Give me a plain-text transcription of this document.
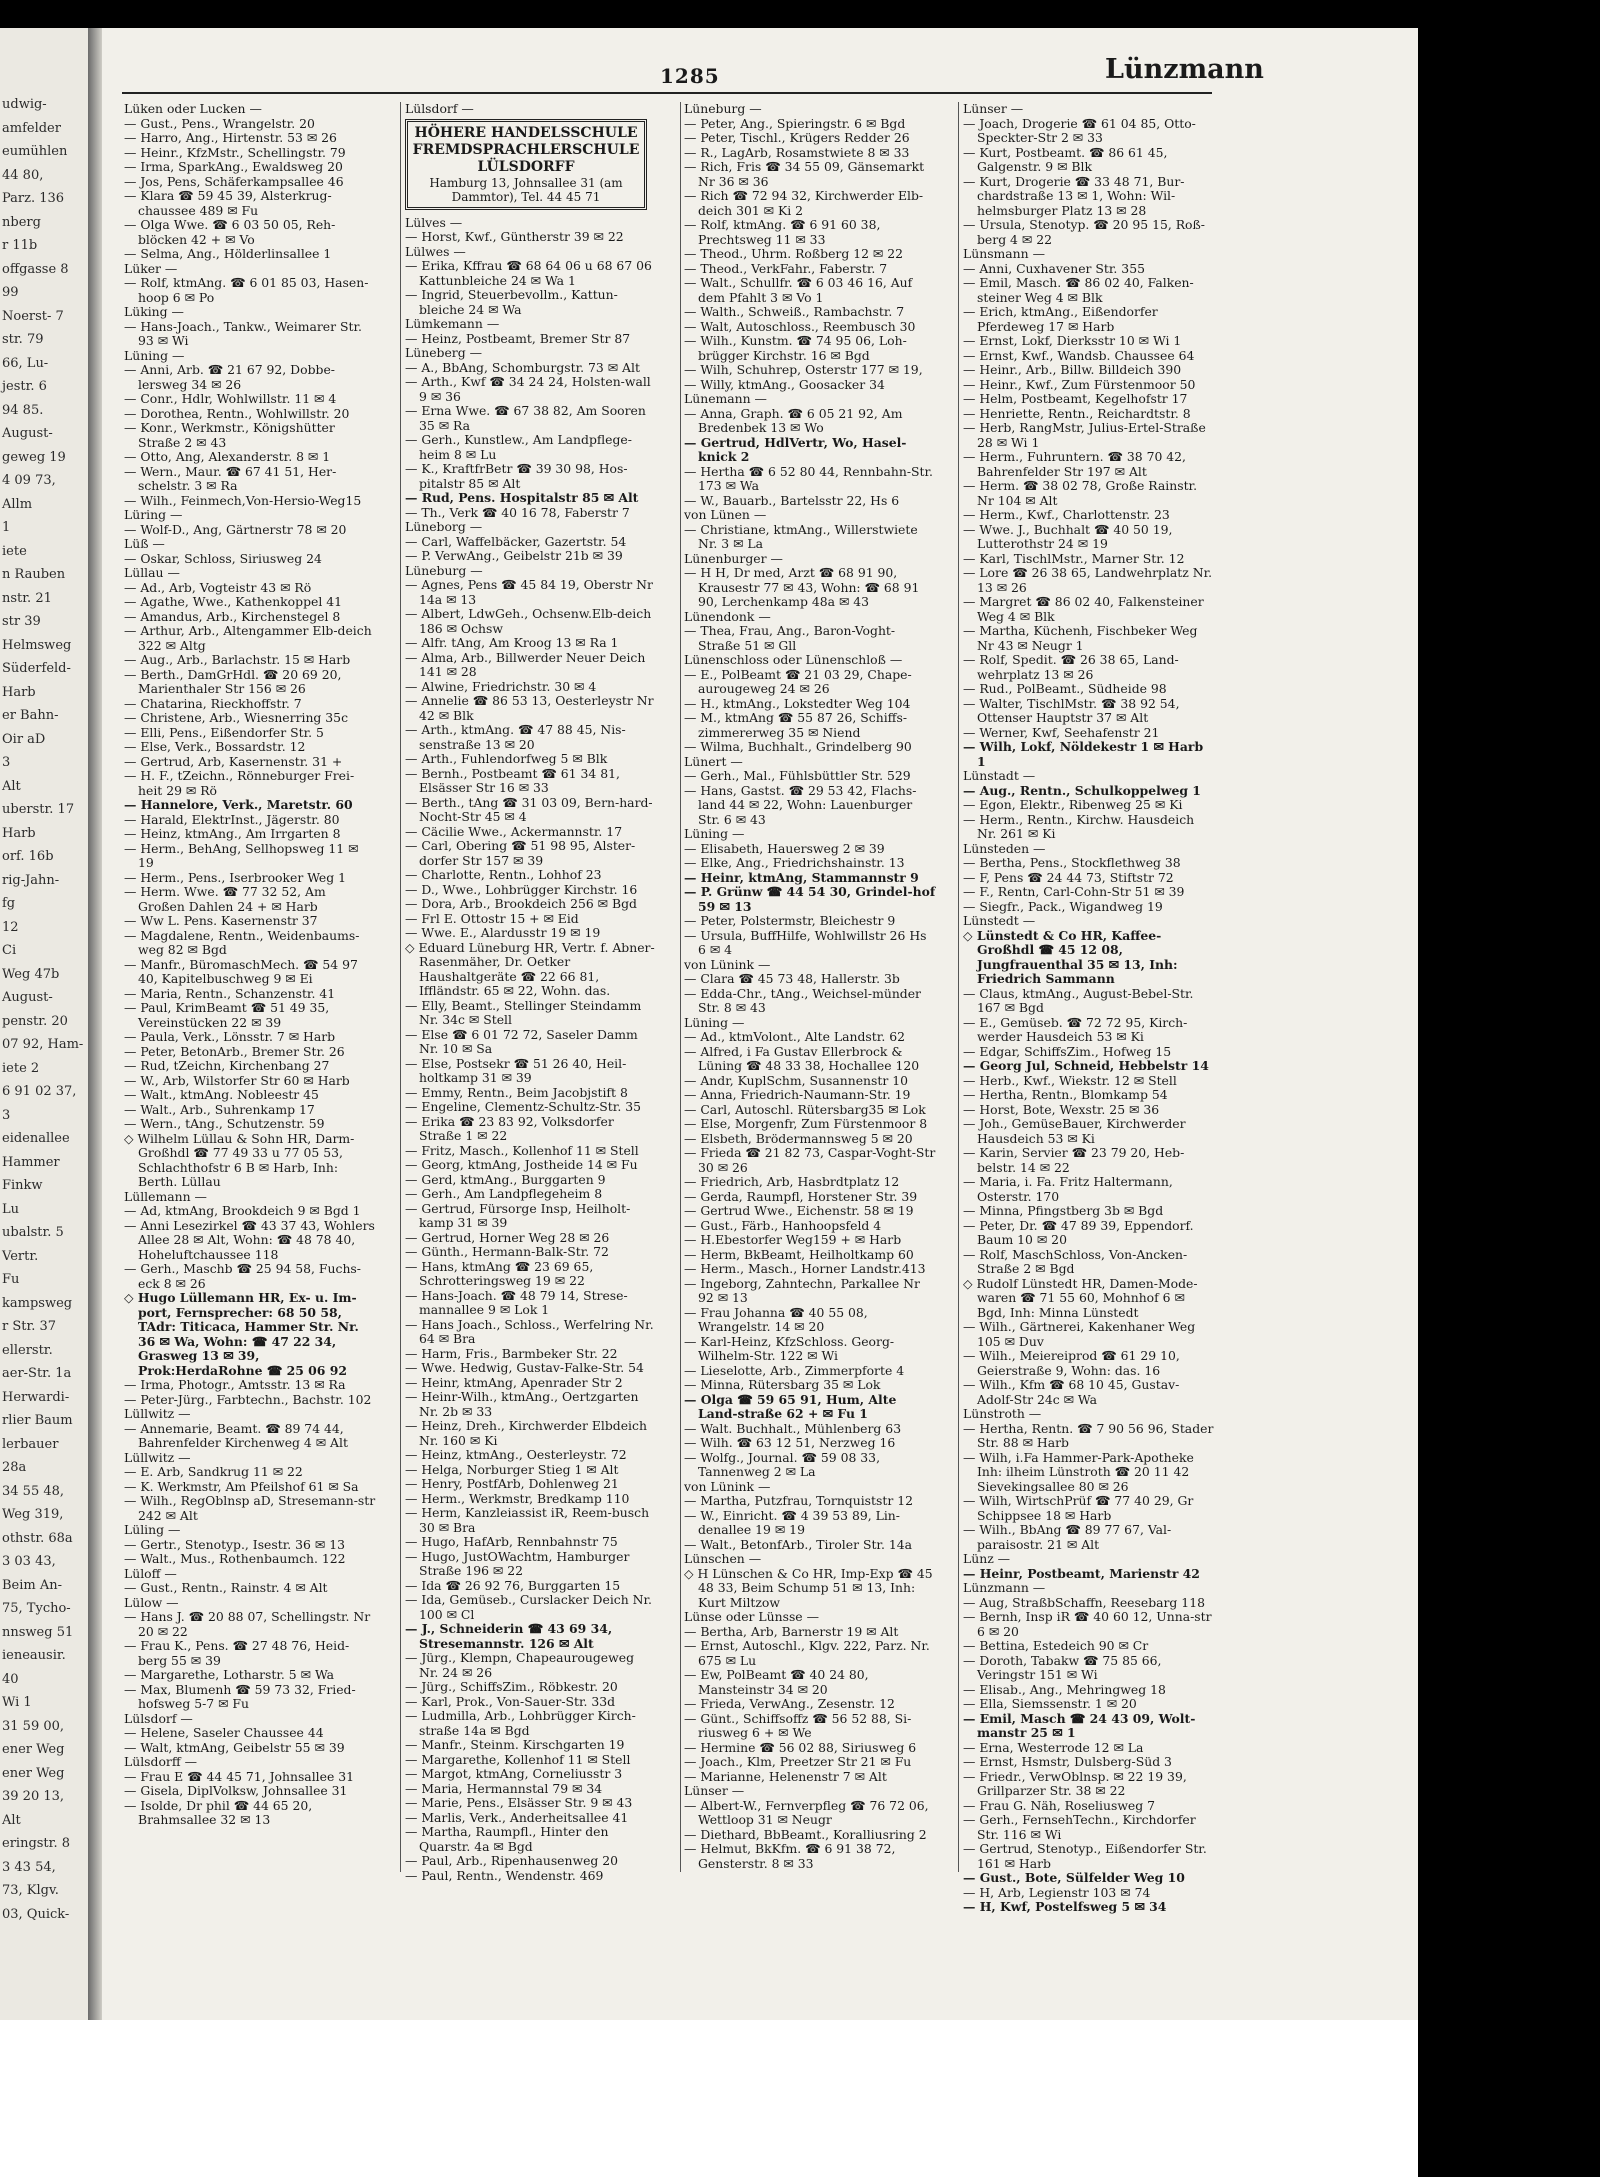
udwig-
amfelder
eumühlen
44 80,
Parz. 136
nberg
r 11b
offgasse 8
99
Noerst- 7
str. 79
66, Lu-
jestr. 6
94 85.
August-
geweg 19
4 09 73,
Allm
1
iete
n Rauben
nstr. 21
str 39
Helmsweg
Süderfeld-
Harb
er Bahn-
Oir aD
3
Alt
uberstr. 17
Harb
orf. 16b
rig-Jahn-
fg
12
Ci
Weg 47b
August-
penstr. 20
07 92, Ham-
iete 2
6 91 02 37,
3
eidenallee
Hammer
Finkw
Lu
ubalstr. 5
Vertr.
Fu
kampsweg
r Str. 37
ellerstr.
aer-Str. 1a
Herwardi-
rlier Baum
lerbauer
28a
34 55 48,
Weg 319,
othstr. 68a
3 03 43,
Beim An-
75, Tycho-
nnsweg 51
ieneausir.
40
Wi 1
31 59 00,
ener Weg
ener Weg
39 20 13,
Alt
eringstr. 8
3 43 54,
73, Klgv.
03, Quick-
1285	Lünzmann

Lüken oder Lucken —

— Gust., Pens., Wrangelstr. 20

— Harro, Ang., Hirtenstr. 53 ✉ 26

— Heinr., KfzMstr., Schellingstr. 79

— Irma, SparkAng., Ewaldsweg 20

— Jos, Pens, Schäferkampsallee 46

— Klara ☎ 59 45 39, Alsterkrug-chaussee 489 ✉ Fu

— Olga Wwe. ☎ 6 03 50 05, Reh-blöcken 42 + ✉ Vo

— Selma, Ang., Hölderlinsallee 1

Lüker —

— Rolf, ktmAng. ☎ 6 01 85 03, Hasen-hoop 6 ✉ Po

Lüking —

— Hans-Joach., Tankw., Weimarer Str. 93 ✉ Wi

Lüning —

— Anni, Arb. ☎ 21 67 92, Dobbe-lersweg 34 ✉ 26

— Conr., Hdlr, Wohlwillstr. 11 ✉ 4

— Dorothea, Rentn., Wohlwillstr. 20

— Konr., Werkmstr., Königshütter Straße 2 ✉ 43

— Otto, Ang, Alexanderstr. 8 ✉ 1

— Wern., Maur. ☎ 67 41 51, Her-schelstr. 3 ✉ Ra

— Wilh., Feinmech,Von-Hersio-Weg15

Lüring —

— Wolf-D., Ang, Gärtnerstr 78 ✉ 20

Lüß —

— Oskar, Schloss, Siriusweg 24

Lüllau —

— Ad., Arb, Vogteistr 43 ✉ Rö

— Agathe, Wwe., Kathenkoppel 41

— Amandus, Arb., Kirchenstegel 8

— Arthur, Arb., Altengammer Elb-deich 322 ✉ Altg

— Aug., Arb., Barlachstr. 15 ✉ Harb

— Berth., DamGrHdl. ☎ 20 69 20, Marienthaler Str 156 ✉ 26

— Chatarina, Rieckhoffstr. 7

— Christene, Arb., Wiesnerring 35c

— Elli, Pens., Eißendorfer Str. 5

— Else, Verk., Bossardstr. 12

— Gertrud, Arb, Kasernenstr. 31 +

— H. F., tZeichn., Rönneburger Frei-heit 29 ✉ Rö

— Hannelore, Verk., Maretstr. 60

— Harald, ElektrInst., Jägerstr. 80

— Heinz, ktmAng., Am Irrgarten 8

— Herm., BehAng, Sellhopsweg 11 ✉ 19

— Herm., Pens., Iserbrooker Weg 1

— Herm. Wwe. ☎ 77 32 52, Am Großen Dahlen 24 + ✉ Harb

— Ww L. Pens. Kasernenstr 37

— Magdalene, Rentn., Weidenbaums-weg 82 ✉ Bgd

— Manfr., BüromaschMech. ☎ 54 97 40, Kapitelbuschweg 9 ✉ Ei

— Maria, Rentn., Schanzenstr. 41

— Paul, KrimBeamt ☎ 51 49 35, Vereinstücken 22 ✉ 39

— Paula, Verk., Lönsstr. 7 ✉ Harb

— Peter, BetonArb., Bremer Str. 26

— Rud, tZeichn, Kirchenbang 27

— W., Arb, Wilstorfer Str 60 ✉ Harb

— Walt., ktmAng. Nobleestr 45

— Walt., Arb., Suhrenkamp 17

— Wern., tAng., Schutzenstr. 59

◇ Wilhelm Lüllau & Sohn HR, Darm-Großhdl ☎ 77 49 33 u 77 05 53, Schlachthofstr 6 B ✉ Harb, Inh: Berth. Lüllau

Lüllemann —

— Ad, ktmAng, Brookdeich 9 ✉ Bgd 1

— Anni Lesezirkel ☎ 43 37 43, Wohlers Allee 28 ✉ Alt, Wohn: ☎ 48 78 40, Hoheluftchaussee 118

— Gerh., Maschb ☎ 25 94 58, Fuchs-eck 8 ✉ 26

◇ Hugo Lüllemann HR, Ex- u. Im-port, Fernsprecher: 68 50 58, TAdr: Titicaca, Hammer Str. Nr. 36 ✉ Wa, Wohn: ☎ 47 22 34, Grasweg 13 ✉ 39, Prok:HerdaRohne ☎ 25 06 92

— Irma, Photogr., Amtsstr. 13 ✉ Ra

— Peter-Jürg., Farbtechn., Bachstr. 102

Lüllwitz —

— Annemarie, Beamt. ☎ 89 74 44, Bahrenfelder Kirchenweg 4 ✉ Alt

Lüllwitz —

— E. Arb, Sandkrug 11 ✉ 22

— K. Werkmstr, Am Pfeilshof 61 ✉ Sa

— Wilh., RegOblnsp aD, Stresemann-str 242 ✉ Alt

Lüling —

— Gertr., Stenotyp., Isestr. 36 ✉ 13

— Walt., Mus., Rothenbaumch. 122

Lüloff —

— Gust., Rentn., Rainstr. 4 ✉ Alt

Lülow —

— Hans J. ☎ 20 88 07, Schellingstr. Nr 20 ✉ 22

— Frau K., Pens. ☎ 27 48 76, Heid-berg 55 ✉ 39

— Margarethe, Lotharstr. 5 ✉ Wa

— Max, Blumenh ☎ 59 73 32, Fried-hofsweg 5-7 ✉ Fu

Lülsdorf —

— Helene, Saseler Chaussee 44

— Walt, ktmAng, Geibelstr 55 ✉ 39

Lülsdorff —

— Frau E ☎ 44 45 71, Johnsallee 31

— Gisela, DiplVolksw, Johnsallee 31

— Isolde, Dr phil ☎ 44 65 20, Brahmsallee 32 ✉ 13

Lülsdorf —

HÖHERE HANDELSSCHULE
FREMDSPRACHLERSCHULE
LÜLSDORFF
Hamburg 13, Johnsallee 31 (am Dammtor), Tel. 44 45 71

Lülves —

— Horst, Kwf., Güntherstr 39 ✉ 22

Lülwes —

— Erika, Kffrau ☎ 68 64 06 u 68 67 06 Kattunbleiche 24 ✉ Wa 1

— Ingrid, Steuerbevollm., Kattun-bleiche 24 ✉ Wa

Lümkemann —

— Heinz, Postbeamt, Bremer Str 87

Lüneberg —

— A., BbAng, Schomburgstr. 73 ✉ Alt

— Arth., Kwf ☎ 34 24 24, Holsten-wall 9 ✉ 36

— Erna Wwe. ☎ 67 38 82, Am Sooren 35 ✉ Ra

— Gerh., Kunstlew., Am Landpflege-heim 8 ✉ Lu

— K., KraftfrBetr ☎ 39 30 98, Hos-pitalstr 85 ✉ Alt

— Rud, Pens. Hospitalstr 85 ✉ Alt

— Th., Verk ☎ 40 16 78, Faberstr 7

Lüneborg —

— Carl, Waffelbäcker, Gazertstr. 54

— P. VerwAng., Geibelstr 21b ✉ 39

Lüneburg —

— Agnes, Pens ☎ 45 84 19, Oberstr Nr 14a ✉ 13

— Albert, LdwGeh., Ochsenw.Elb-deich 186 ✉ Ochsw

— Alfr. tAng, Am Kroog 13 ✉ Ra 1

— Alma, Arb., Billwerder Neuer Deich 141 ✉ 28

— Alwine, Friedrichstr. 30 ✉ 4

— Annelie ☎ 86 53 13, Oesterleystr Nr 42 ✉ Blk

— Arth., ktmAng. ☎ 47 88 45, Nis-senstraße 13 ✉ 20

— Arth., Fuhlendorfweg 5 ✉ Blk

— Bernh., Postbeamt ☎ 61 34 81, Elsässer Str 16 ✉ 33

— Berth., tAng ☎ 31 03 09, Bern-hard-Nocht-Str 45 ✉ 4

— Cäcilie Wwe., Ackermannstr. 17

— Carl, Obering ☎ 51 98 95, Alster-dorfer Str 157 ✉ 39

— Charlotte, Rentn., Lohhof 23

— D., Wwe., Lohbrügger Kirchstr. 16

— Dora, Arb., Brookdeich 256 ✉ Bgd

— Frl E. Ottostr 15 + ✉ Eid

— Wwe. E., Alardusstr 19 ✉ 19

◇ Eduard Lüneburg HR, Vertr. f. Abner-Rasenmäher, Dr. Oetker Haushaltgeräte ☎ 22 66 81, Iffländstr. 65 ✉ 22, Wohn. das.

— Elly, Beamt., Stellinger Steindamm Nr. 34c ✉ Stell

— Else ☎ 6 01 72 72, Saseler Damm Nr. 10 ✉ Sa

— Else, Postsekr ☎ 51 26 40, Heil-holtkamp 31 ✉ 39

— Emmy, Rentn., Beim Jacobjstift 8

— Engeline, Clementz-Schultz-Str. 35

— Erika ☎ 23 83 92, Volksdorfer Straße 1 ✉ 22

— Fritz, Masch., Kollenhof 11 ✉ Stell

— Georg, ktmAng, Jostheide 14 ✉ Fu

— Gerd, ktmAng., Burggarten 9

— Gerh., Am Landpflegeheim 8

— Gertrud, Fürsorge Insp, Heilholt-kamp 31 ✉ 39

— Gertrud, Horner Weg 28 ✉ 26

— Günth., Hermann-Balk-Str. 72

— Hans, ktmAng ☎ 23 69 65, Schrotteringsweg 19 ✉ 22

— Hans-Joach. ☎ 48 79 14, Strese-mannallee 9 ✉ Lok 1

— Hans Joach., Schloss., Werfelring Nr. 64 ✉ Bra

— Harm, Fris., Barmbeker Str. 22

— Wwe. Hedwig, Gustav-Falke-Str. 54

— Heinr, ktmAng, Apenrader Str 2

— Heinr-Wilh., ktmAng., Oertzgarten Nr. 2b ✉ 33

— Heinz, Dreh., Kirchwerder Elbdeich Nr. 160 ✉ Ki

— Heinz, ktmAng., Oesterleystr. 72

— Helga, Norburger Stieg 1 ✉ Alt

— Henry, PostfArb, Dohlenweg 21

— Herm., Werkmstr, Bredkamp 110

— Herm, Kanzleiassist iR, Reem-busch 30 ✉ Bra

— Hugo, HafArb, Rennbahnstr 75

— Hugo, JustOWachtm, Hamburger Straße 196 ✉ 22

— Ida ☎ 26 92 76, Burggarten 15

— Ida, Gemüseb., Curslacker Deich Nr. 100 ✉ Cl

— J., Schneiderin ☎ 43 69 34, Stresemannstr. 126 ✉ Alt

— Jürg., Klempn, Chapeaurougeweg Nr. 24 ✉ 26

— Jürg., SchiffsZim., Röbkestr. 20

— Karl, Prok., Von-Sauer-Str. 33d

— Ludmilla, Arb., Lohbrügger Kirch-straße 14a ✉ Bgd

— Manfr., Steinm. Kirschgarten 19

— Margarethe, Kollenhof 11 ✉ Stell

— Margot, ktmAng, Corneliusstr 3

— Maria, Hermannstal 79 ✉ 34

— Marie, Pens., Elsässer Str. 9 ✉ 43

— Marlis, Verk., Anderheitsallee 41

— Martha, Raumpfl., Hinter den Quarstr. 4a ✉ Bgd

— Paul, Arb., Ripenhausenweg 20

— Paul, Rentn., Wendenstr. 469

Lüneburg —

— Peter, Ang., Spieringstr. 6 ✉ Bgd

— Peter, Tischl., Krügers Redder 26

— R., LagArb, Rosamstwiete 8 ✉ 33

— Rich, Fris ☎ 34 55 09, Gänsemarkt Nr 36 ✉ 36

— Rich ☎ 72 94 32, Kirchwerder Elb-deich 301 ✉ Ki 2

— Rolf, ktmAng. ☎ 6 91 60 38, Prechtsweg 11 ✉ 33

— Theod., Uhrm. Roßberg 12 ✉ 22

— Theod., VerkFahr., Faberstr. 7

— Walt., Schullfr. ☎ 6 03 46 16, Auf dem Pfahlt 3 ✉ Vo 1

— Walth., Schweiß., Rambachstr. 7

— Walt, Autoschloss., Reembusch 30

— Wilh., Kunstm. ☎ 74 95 06, Loh-brügger Kirchstr. 16 ✉ Bgd

— Wilh, Schuhrep, Osterstr 177 ✉ 19,

— Willy, ktmAng., Goosacker 34

Lünemann —

— Anna, Graph. ☎ 6 05 21 92, Am Bredenbek 13 ✉ Wo

— Gertrud, HdlVertr, Wo, Hasel-knick 2

— Hertha ☎ 6 52 80 44, Rennbahn-Str. 173 ✉ Wa

— W., Bauarb., Bartelsstr 22, Hs 6

von Lünen —

— Christiane, ktmAng., Willerstwiete Nr. 3 ✉ La

Lünenburger —

— H H, Dr med, Arzt ☎ 68 91 90, Krausestr 77 ✉ 43, Wohn: ☎ 68 91 90, Lerchenkamp 48a ✉ 43

Lünendonk —

— Thea, Frau, Ang., Baron-Voght-Straße 51 ✉ Gll

Lünenschloss oder Lünenschloß —

— E., PolBeamt ☎ 21 03 29, Chape-aurougeweg 24 ✉ 26

— H., ktmAng., Lokstedter Weg 104

— M., ktmAng ☎ 55 87 26, Schiffs-zimmererweg 35 ✉ Niend

— Wilma, Buchhalt., Grindelberg 90

Lünert —

— Gerh., Mal., Fühlsbüttler Str. 529

— Hans, Gastst. ☎ 29 53 42, Flachs-land 44 ✉ 22, Wohn: Lauenburger Str. 6 ✉ 43

Lüning —

— Elisabeth, Hauersweg 2 ✉ 39

— Elke, Ang., Friedrichshainstr. 13

— Heinr, ktmAng, Stammannstr 9

— P. Grünw ☎ 44 54 30, Grindel-hof 59 ✉ 13

— Peter, Polstermstr, Bleichestr 9

— Ursula, BuffHilfe, Wohlwillstr 26 Hs 6 ✉ 4

von Lünink —

— Clara ☎ 45 73 48, Hallerstr. 3b

— Edda-Chr., tAng., Weichsel-münder Str. 8 ✉ 43

Lüning —

— Ad., ktmVolont., Alte Landstr. 62

— Alfred, i Fa Gustav Ellerbrock & Lüning ☎ 48 33 38, Hochallee 120

— Andr, KuplSchm, Susannenstr 10

— Anna, Friedrich-Naumann-Str. 19

— Carl, Autoschl. Rütersbarg35 ✉ Lok

— Else, Morgenfr, Zum Fürstenmoor 8

— Elsbeth, Brödermannsweg 5 ✉ 20

— Frieda ☎ 21 82 73, Caspar-Voght-Str 30 ✉ 26

— Friedrich, Arb, Hasbrdtplatz 12

— Gerda, Raumpfl, Horstener Str. 39

— Gertrud Wwe., Eichenstr. 58 ✉ 19

— Gust., Färb., Hanhoopsfeld 4

— H.Ebestorfer Weg159 + ✉ Harb

— Herm, BkBeamt, Heilholtkamp 60

— Herm., Masch., Horner Landstr.413

— Ingeborg, Zahntechn, Parkallee Nr 92 ✉ 13

— Frau Johanna ☎ 40 55 08, Wrangelstr. 14 ✉ 20

— Karl-Heinz, KfzSchloss. Georg-Wilhelm-Str. 122 ✉ Wi

— Lieselotte, Arb., Zimmerpforte 4

— Minna, Rütersbarg 35 ✉ Lok

— Olga ☎ 59 65 91, Hum, Alte Land-straße 62 + ✉ Fu 1

— Walt. Buchhalt., Mühlenberg 63

— Wilh. ☎ 63 12 51, Nerzweg 16

— Wolfg., Journal. ☎ 59 08 33, Tannenweg 2 ✉ La

von Lünink —

— Martha, Putzfrau, Tornquiststr 12

— W., Einricht. ☎ 4 39 53 89, Lin-denallee 19 ✉ 19

— Walt., BetonfArb., Tiroler Str. 14a

Lünschen —

◇ H Lünschen & Co HR, Imp-Exp ☎ 45 48 33, Beim Schump 51 ✉ 13, Inh: Kurt Miltzow

Lünse oder Lünsse —

— Bertha, Arb, Barnerstr 19 ✉ Alt

— Ernst, Autoschl., Klgv. 222, Parz. Nr. 675 ✉ Lu

— Ew, PolBeamt ☎ 40 24 80, Mansteinstr 34 ✉ 20

— Frieda, VerwAng., Zesenstr. 12

— Günt., Schiffsoffz ☎ 56 52 88, Si-riusweg 6 + ✉ We

— Hermine ☎ 56 02 88, Siriusweg 6

— Joach., Klm, Preetzer Str 21 ✉ Fu

— Marianne, Helenenstr 7 ✉ Alt

Lünser —

— Albert-W., Fernverpfleg ☎ 76 72 06, Wettloop 31 ✉ Neugr

— Diethard, BbBeamt., Koralliusring 2

— Helmut, BkKfm. ☎ 6 91 38 72, Gensterstr. 8 ✉ 33

Lünser —

— Joach, Drogerie ☎ 61 04 85, Otto-Speckter-Str 2 ✉ 33

— Kurt, Postbeamt. ☎ 86 61 45, Galgenstr. 9 ✉ Blk

— Kurt, Drogerie ☎ 33 48 71, Bur-chardstraße 13 ✉ 1, Wohn: Wil-helmsburger Platz 13 ✉ 28

— Ursula, Stenotyp. ☎ 20 95 15, Roß-berg 4 ✉ 22

Lünsmann —

— Anni, Cuxhavener Str. 355

— Emil, Masch. ☎ 86 02 40, Falken-steiner Weg 4 ✉ Blk

— Erich, ktmAng., Eißendorfer Pferdeweg 17 ✉ Harb

— Ernst, Lokf, Dierksstr 10 ✉ Wi 1

— Ernst, Kwf., Wandsb. Chaussee 64

— Heinr., Arb., Billw. Billdeich 390

— Heinr., Kwf., Zum Fürstenmoor 50

— Helm, Postbeamt, Kegelhofstr 17

— Henriette, Rentn., Reichardtstr. 8

— Herb, RangMstr, Julius-Ertel-Straße 28 ✉ Wi 1

— Herm., Fuhruntern. ☎ 38 70 42, Bahrenfelder Str 197 ✉ Alt

— Herm. ☎ 38 02 78, Große Rainstr. Nr 104 ✉ Alt

— Herm., Kwf., Charlottenstr. 23

— Wwe. J., Buchhalt ☎ 40 50 19, Lutterothstr 24 ✉ 19

— Karl, TischlMstr., Marner Str. 12

— Lore ☎ 26 38 65, Landwehrplatz Nr. 13 ✉ 26

— Margret ☎ 86 02 40, Falkensteiner Weg 4 ✉ Blk

— Martha, Küchenh, Fischbeker Weg Nr 43 ✉ Neugr 1

— Rolf, Spedit. ☎ 26 38 65, Land-wehrplatz 13 ✉ 26

— Rud., PolBeamt., Südheide 98

— Walter, TischlMstr. ☎ 38 92 54, Ottenser Hauptstr 37 ✉ Alt

— Werner, Kwf, Seehafenstr 21

— Wilh, Lokf, Nöldekestr 1 ✉ Harb 1

Lünstadt —

— Aug., Rentn., Schulkoppelweg 1

— Egon, Elektr., Ribenweg 25 ✉ Ki

— Herm., Rentn., Kirchw. Hausdeich Nr. 261 ✉ Ki

Lünsteden —

— Bertha, Pens., Stockflethweg 38

— F, Pens ☎ 24 44 73, Stiftstr 72

— F., Rentn, Carl-Cohn-Str 51 ✉ 39

— Siegfr., Pack., Wigandweg 19

Lünstedt —

◇ Lünstedt & Co HR, Kaffee-Großhdl ☎ 45 12 08, Jungfrauenthal 35 ✉ 13, Inh: Friedrich Sammann

— Claus, ktmAng., August-Bebel-Str. 167 ✉ Bgd

— E., Gemüseb. ☎ 72 72 95, Kirch-werder Hausdeich 53 ✉ Ki

— Edgar, SchiffsZim., Hofweg 15

— Georg Jul, Schneid, Hebbelstr 14

— Herb., Kwf., Wiekstr. 12 ✉ Stell

— Hertha, Rentn., Blomkamp 54

— Horst, Bote, Wexstr. 25 ✉ 36

— Joh., GemüseBauer, Kirchwerder Hausdeich 53 ✉ Ki

— Karin, Servier ☎ 23 79 20, Heb-belstr. 14 ✉ 22

— Maria, i. Fa. Fritz Haltermann, Osterstr. 170

— Minna, Pfingstberg 3b ✉ Bgd

— Peter, Dr. ☎ 47 89 39, Eppendorf. Baum 10 ✉ 20

— Rolf, MaschSchloss, Von-Ancken-Straße 2 ✉ Bgd

◇ Rudolf Lünstedt HR, Damen-Mode-waren ☎ 71 55 60, Mohnhof 6 ✉ Bgd, Inh: Minna Lünstedt

— Wilh., Gärtnerei, Kakenhaner Weg 105 ✉ Duv

— Wilh., Meiereiprod ☎ 61 29 10, Geierstraße 9, Wohn: das. 16

— Wilh., Kfm ☎ 68 10 45, Gustav-Adolf-Str 24c ✉ Wa

Lünstroth —

— Hertha, Rentn. ☎ 7 90 56 96, Stader Str. 88 ✉ Harb

— Wilh, i.Fa Hammer-Park-Apotheke Inh: ilheim Lünstroth ☎ 20 11 42 Sievekingsallee 80 ✉ 26

— Wilh, WirtschPrüf ☎ 77 40 29, Gr Schippsee 18 ✉ Harb

— Wilh., BbAng ☎ 89 77 67, Val-paraisostr. 21 ✉ Alt

Lünz —

— Heinr, Postbeamt, Marienstr 42

Lünzmann —

— Aug, StraßbSchaffn, Reesebarg 118

— Bernh, Insp iR ☎ 40 60 12, Unna-str 6 ✉ 20

— Bettina, Estedeich 90 ✉ Cr

— Doroth, Tabakw ☎ 75 85 66, Veringstr 151 ✉ Wi

— Elisab., Ang., Mehringweg 18

— Ella, Siemssenstr. 1 ✉ 20

— Emil, Masch ☎ 24 43 09, Wolt-manstr 25 ✉ 1

— Erna, Westerrode 12 ✉ La

— Ernst, Hsmstr, Dulsberg-Süd 3

— Friedr., VerwOblnsp. ✉ 22 19 39, Grillparzer Str. 38 ✉ 22

— Frau G. Näh, Roseliusweg 7

— Gerh., FernsehTechn., Kirchdorfer Str. 116 ✉ Wi

— Gertrud, Stenotyp., Eißendorfer Str. 161 ✉ Harb

— Gust., Bote, Sülfelder Weg 10

— H, Arb, Legienstr 103 ✉ 74

— H, Kwf, Postelfsweg 5 ✉ 34
